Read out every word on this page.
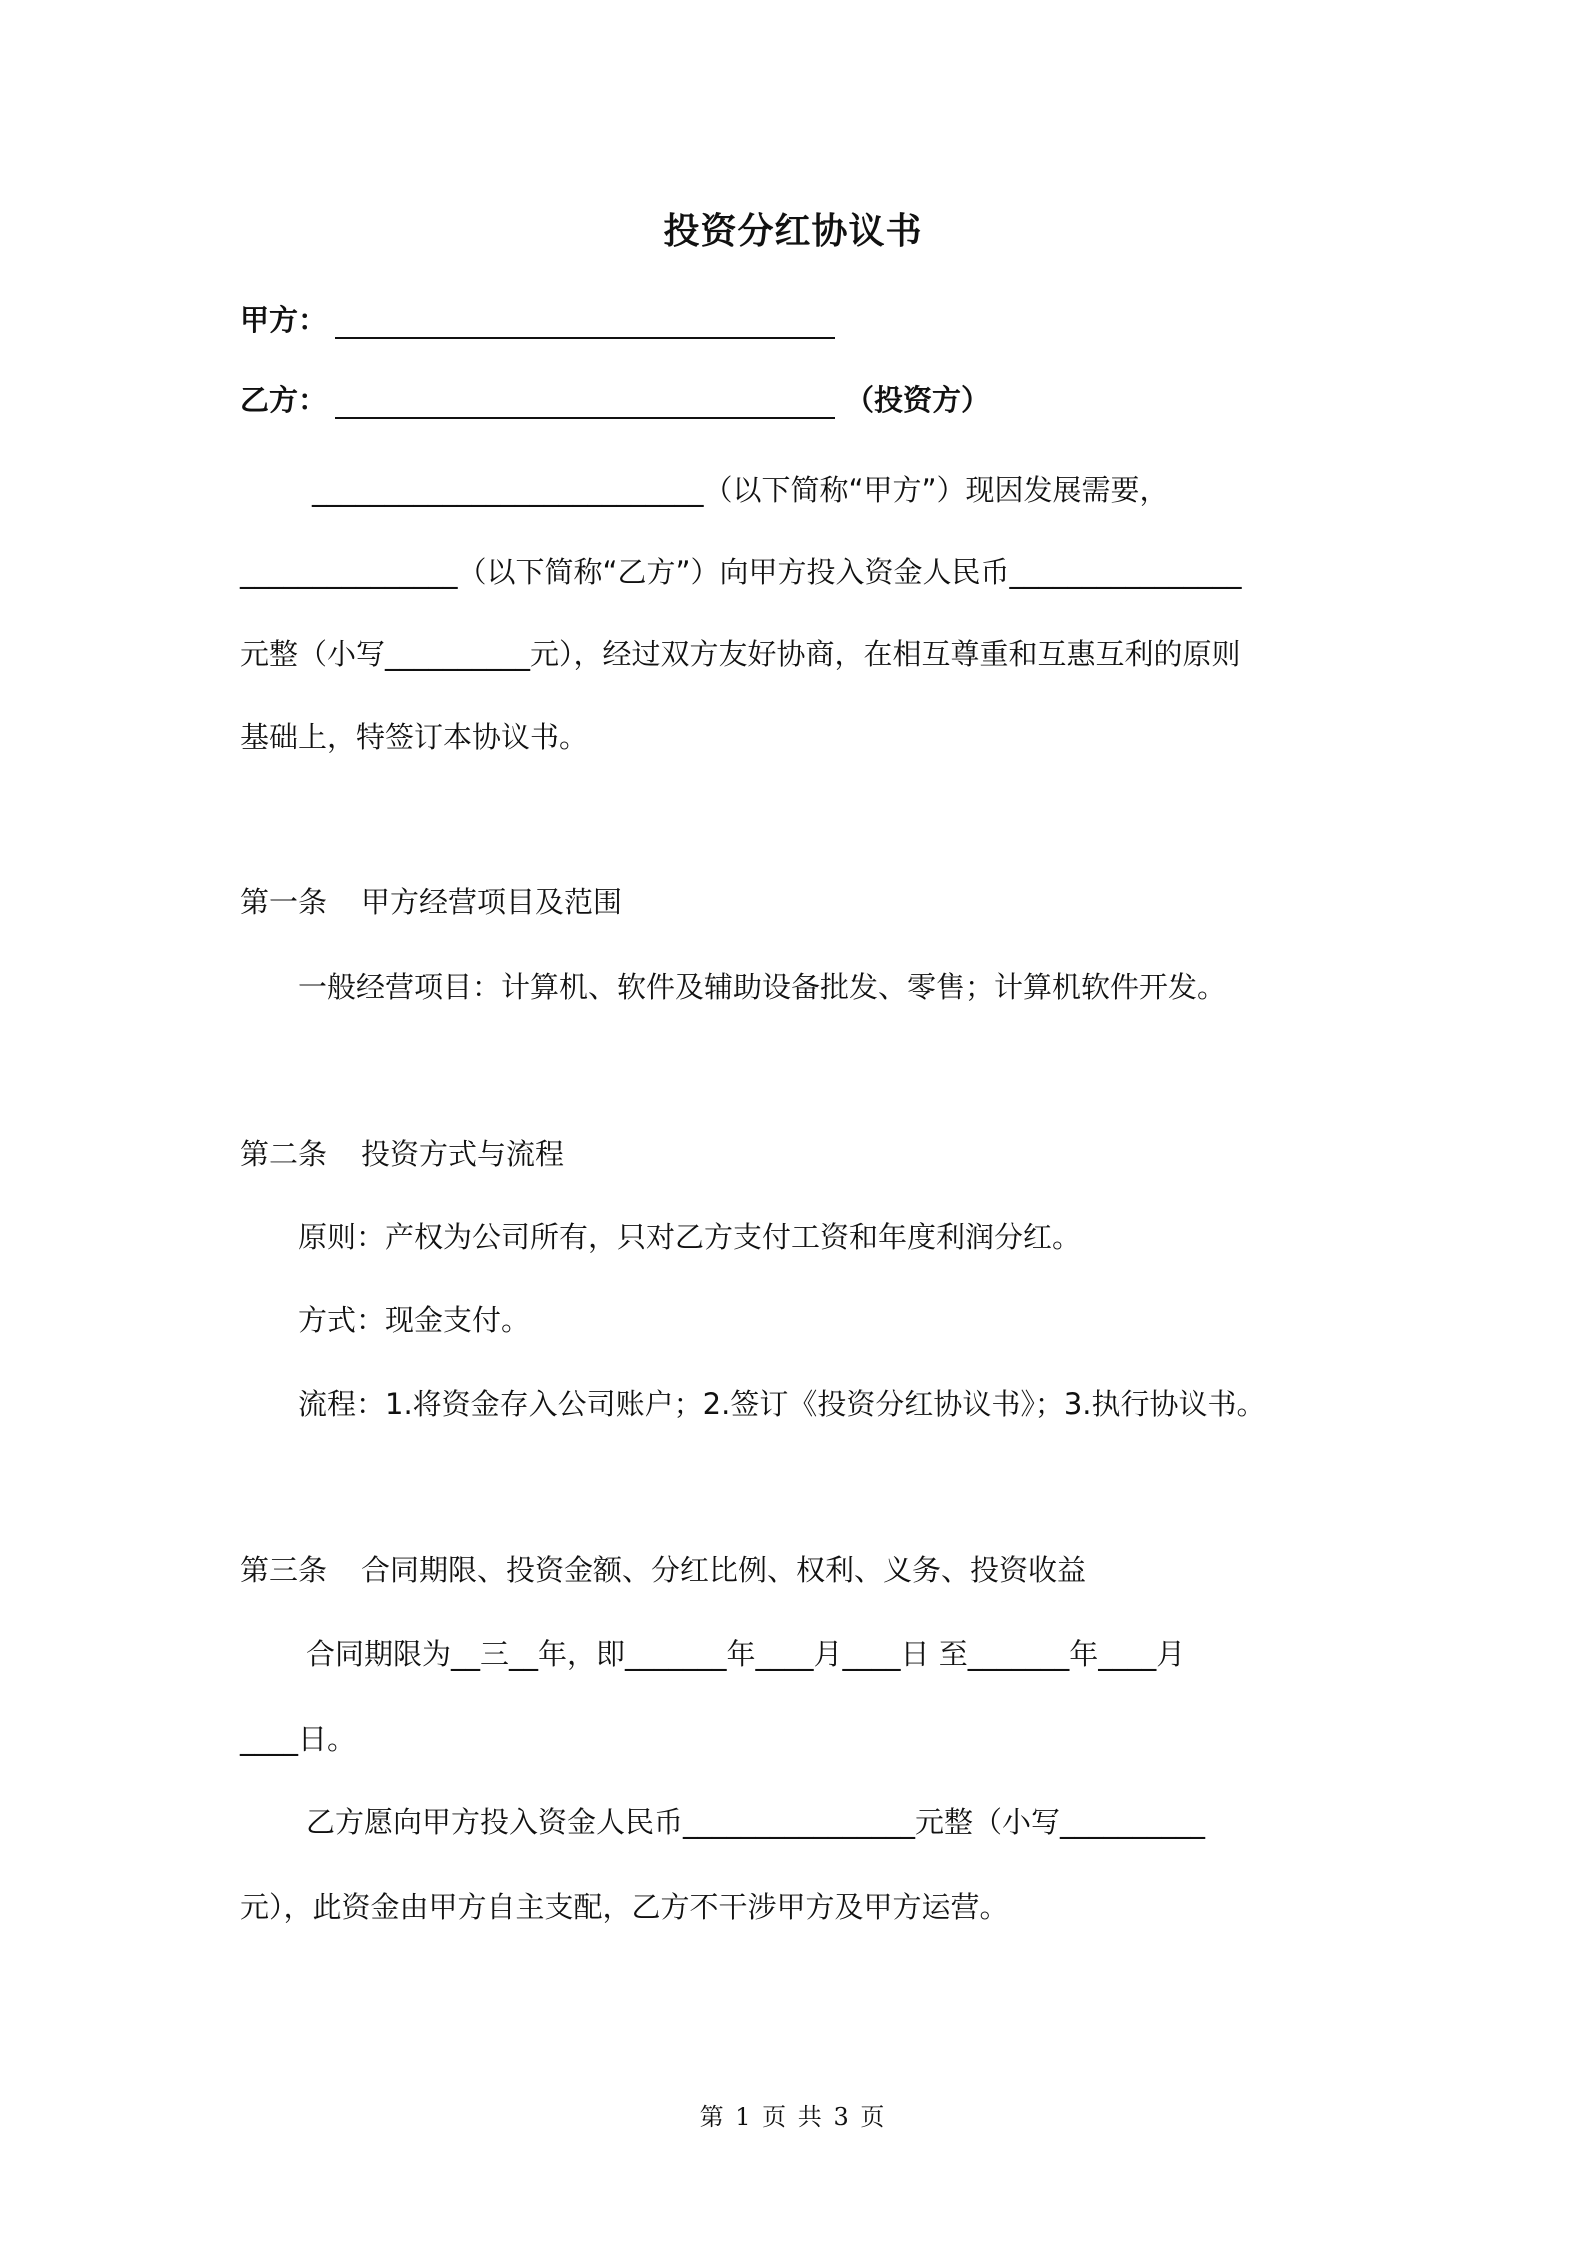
投资分红协议书
甲方：
乙方：	（投资方）
___________________________（以下简称“甲方”）现因发展需要，
_______________（以下简称“乙方”）向甲方投入资金人民币________________
元整（小写__________元），经过双方友好协商，在相互尊重和互惠互利的原则
基础上，特签订本协议书。
第一条 甲方经营项目及范围
一般经营项目：计算机、软件及辅助设备批发、零售；计算机软件开发。
第二条 投资方式与流程
原则：产权为公司所有，只对乙方支付工资和年度利润分红。
方式：现金支付。
流程：1.将资金存入公司账户；2.签订《投资分红协议书》；3.执行协议书。
第三条 合同期限、投资金额、分红比例、权利、义务、投资收益
合同期限为__三__年，即_______年____月____日 至_______年____月
____日。
乙方愿向甲方投入资金人民币________________元整（小写__________
元），此资金由甲方自主支配，乙方不干涉甲方及甲方运营。
第 1 页 共 3 页
